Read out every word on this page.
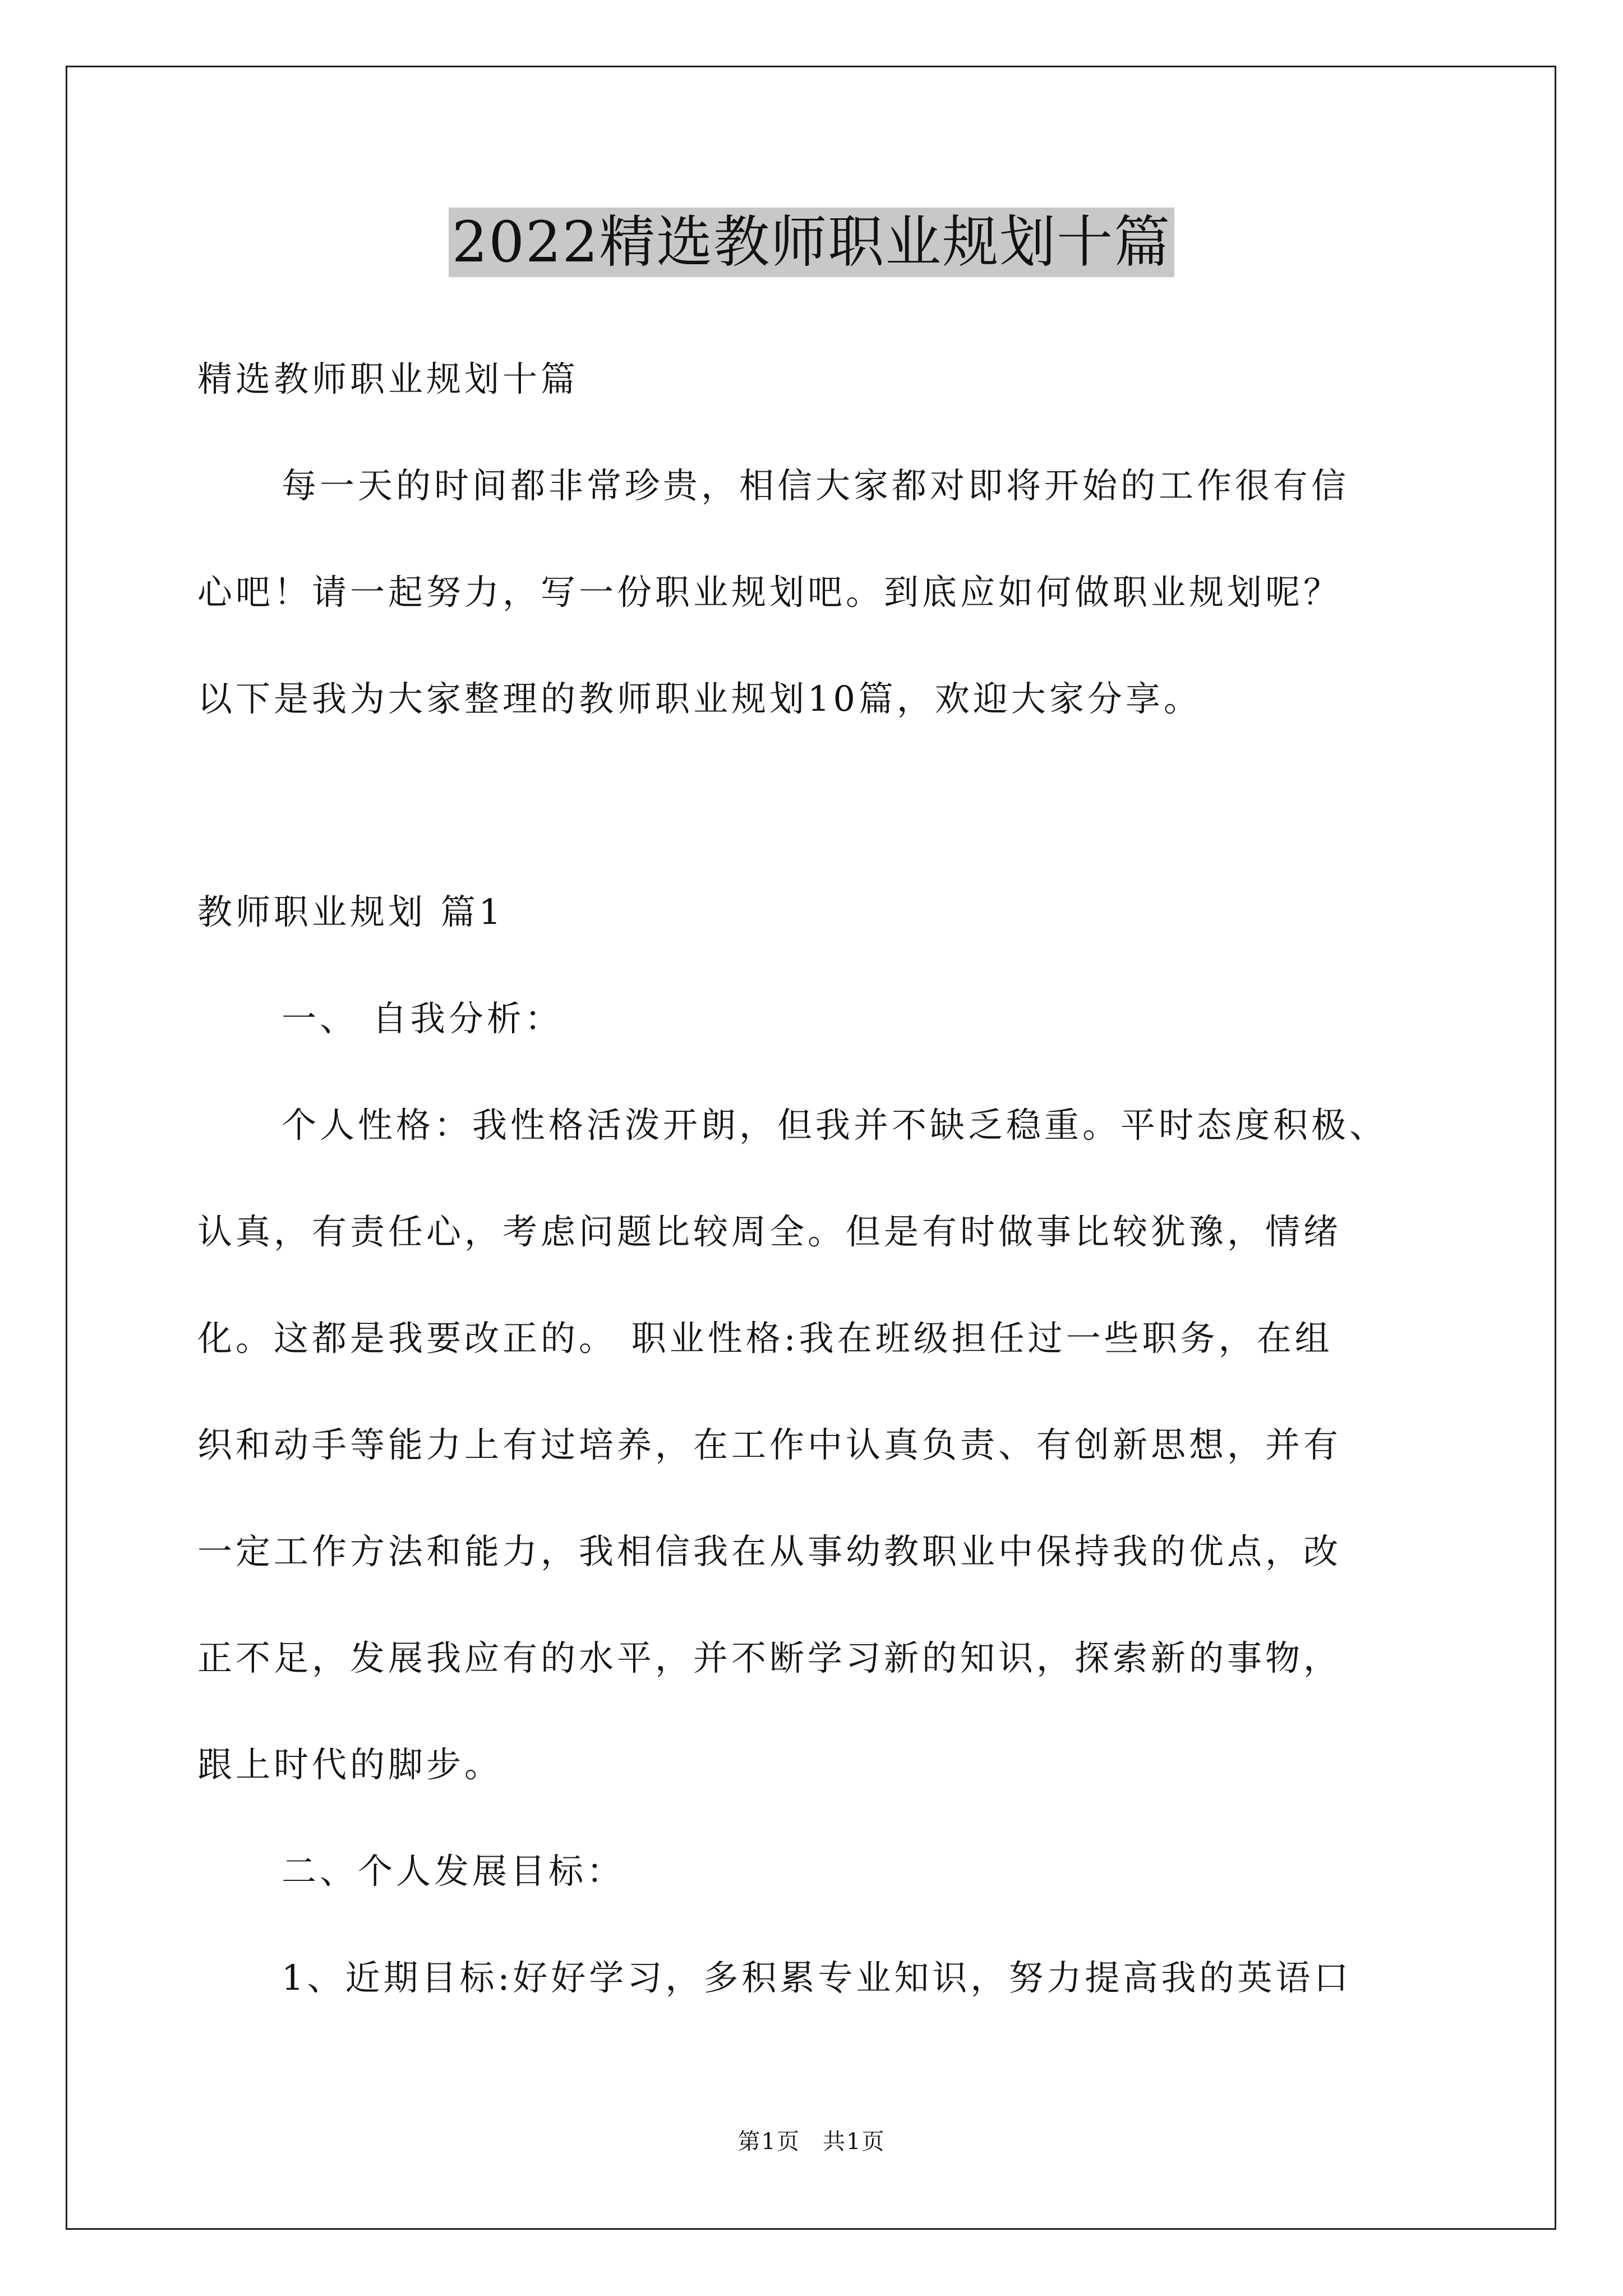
2022精选教师职业规划十篇
精选教师职业规划十篇
每一天的时间都非常珍贵，相信大家都对即将开始的工作很有信
心吧！请一起努力，写一份职业规划吧。到底应如何做职业规划呢？
以下是我为大家整理的教师职业规划10篇，欢迎大家分享。
教师职业规划 篇1
一、 自我分析：
个人性格：我性格活泼开朗，但我并不缺乏稳重。平时态度积极、
认真，有责任心，考虑问题比较周全。但是有时做事比较犹豫，情绪
化。这都是我要改正的。 职业性格:我在班级担任过一些职务，在组
织和动手等能力上有过培养，在工作中认真负责、有创新思想，并有
一定工作方法和能力，我相信我在从事幼教职业中保持我的优点，改
正不足，发展我应有的水平，并不断学习新的知识，探索新的事物，
跟上时代的脚步。
二、个人发展目标：
1、近期目标:好好学习，多积累专业知识，努力提高我的英语口
第1页 共1页
